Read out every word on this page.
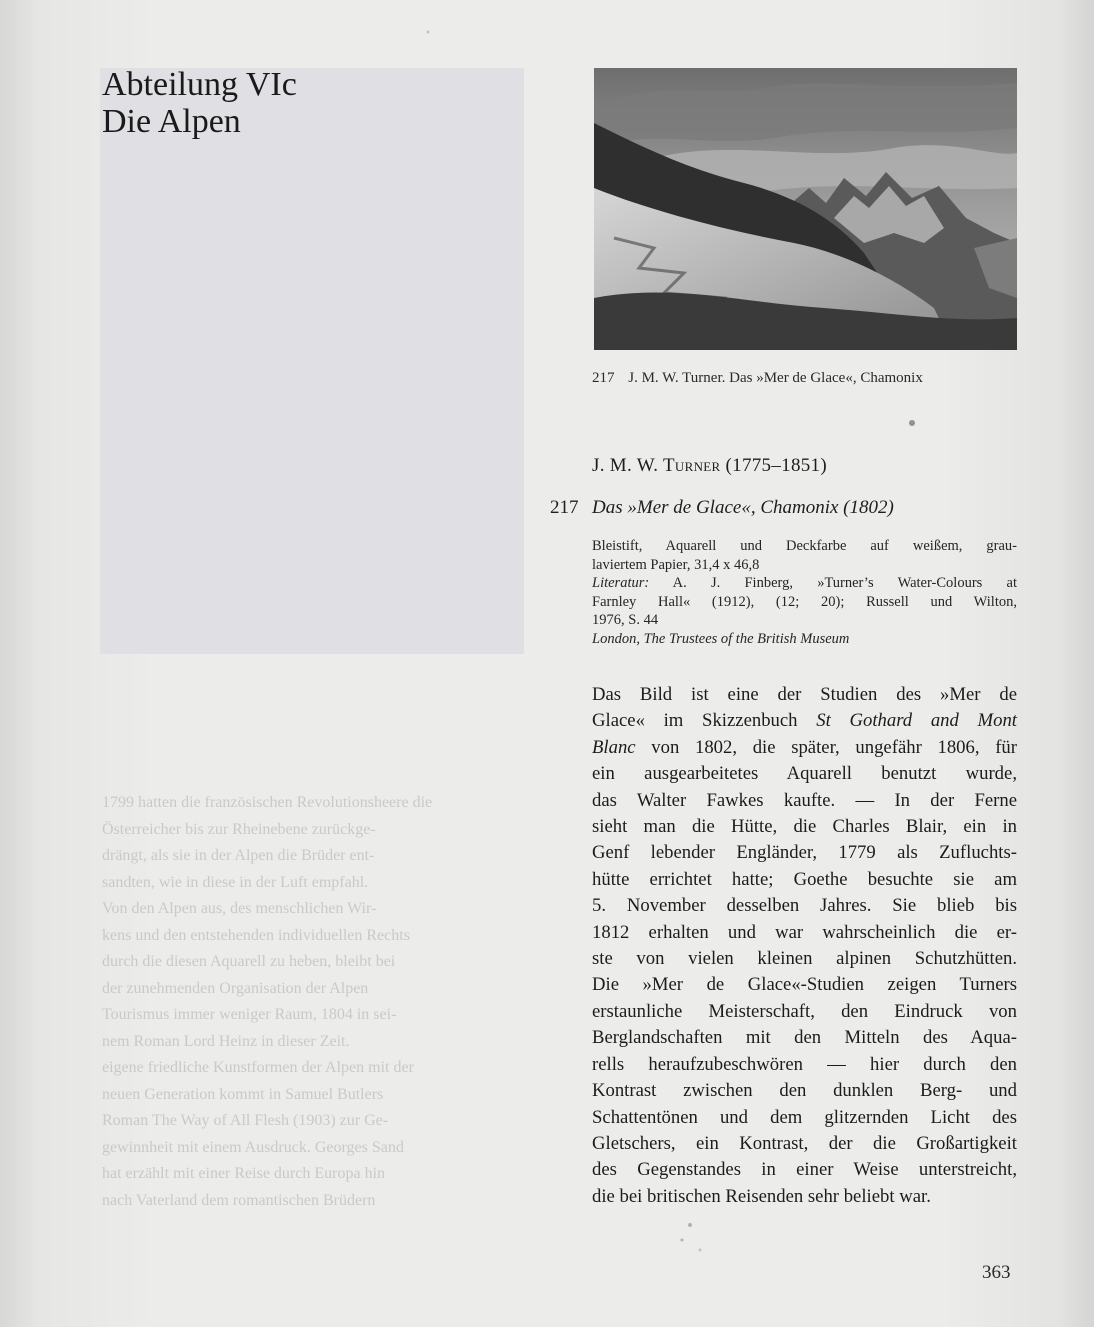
Abteilung VIc
Die Alpen
1799 hatten die französischen Revolutionsheere die
Österreicher bis zur Rheinebene zurückge-
drängt, als sie in der Alpen die Brüder ent-
sandten, wie in diese in der Luft empfahl.
Von den Alpen aus, des menschlichen Wir-
kens und den entstehenden individuellen Rechts
durch die diesen Aquarell zu heben, bleibt bei
der zunehmenden Organisation der Alpen
Tourismus immer weniger Raum, 1804 in sei-
nem Roman Lord Heinz in dieser Zeit.
eigene friedliche Kunstformen der Alpen mit der
neuen Generation kommt in Samuel Butlers
Roman The Way of All Flesh (1903) zur Ge-
gewinnheit mit einem Ausdruck. Georges Sand
hat erzählt mit einer Reise durch Europa hin
nach Vaterland dem romantischen Brüdern

217 J. M. W. Turner. Das »Mer de Glace«, Chamonix

J. M. W. Turner (1775–1851)
217 Das »Mer de Glace«, Chamonix (1802)
Bleistift, Aquarell und Deckfarbe auf weißem, grau-
laviertem Papier, 31,4 x 46,8
Literatur: A. J. Finberg, »Turner’s Water-Colours at
Farnley Hall« (1912), (12; 20); Russell und Wilton,
1976, S. 44
London, The Trustees of the British Museum
Das Bild ist eine der Studien des »Mer de
Glace« im Skizzenbuch St Gothard and Mont
Blanc von 1802, die später, ungefähr 1806, für
ein ausgearbeitetes Aquarell benutzt wurde,
das Walter Fawkes kaufte. — In der Ferne
sieht man die Hütte, die Charles Blair, ein in
Genf lebender Engländer, 1779 als Zufluchts-
hütte errichtet hatte; Goethe besuchte sie am
5. November desselben Jahres. Sie blieb bis
1812 erhalten und war wahrscheinlich die er-
ste von vielen kleinen alpinen Schutzhütten.
Die »Mer de Glace«-Studien zeigen Turners
erstaunliche Meisterschaft, den Eindruck von
Berglandschaften mit den Mitteln des Aqua-
rells heraufzubeschwören — hier durch den
Kontrast zwischen den dunklen Berg- und
Schattentönen und dem glitzernden Licht des
Gletschers, ein Kontrast, der die Großartigkeit
des Gegenstandes in einer Weise unterstreicht,
die bei britischen Reisenden sehr beliebt war.
363
